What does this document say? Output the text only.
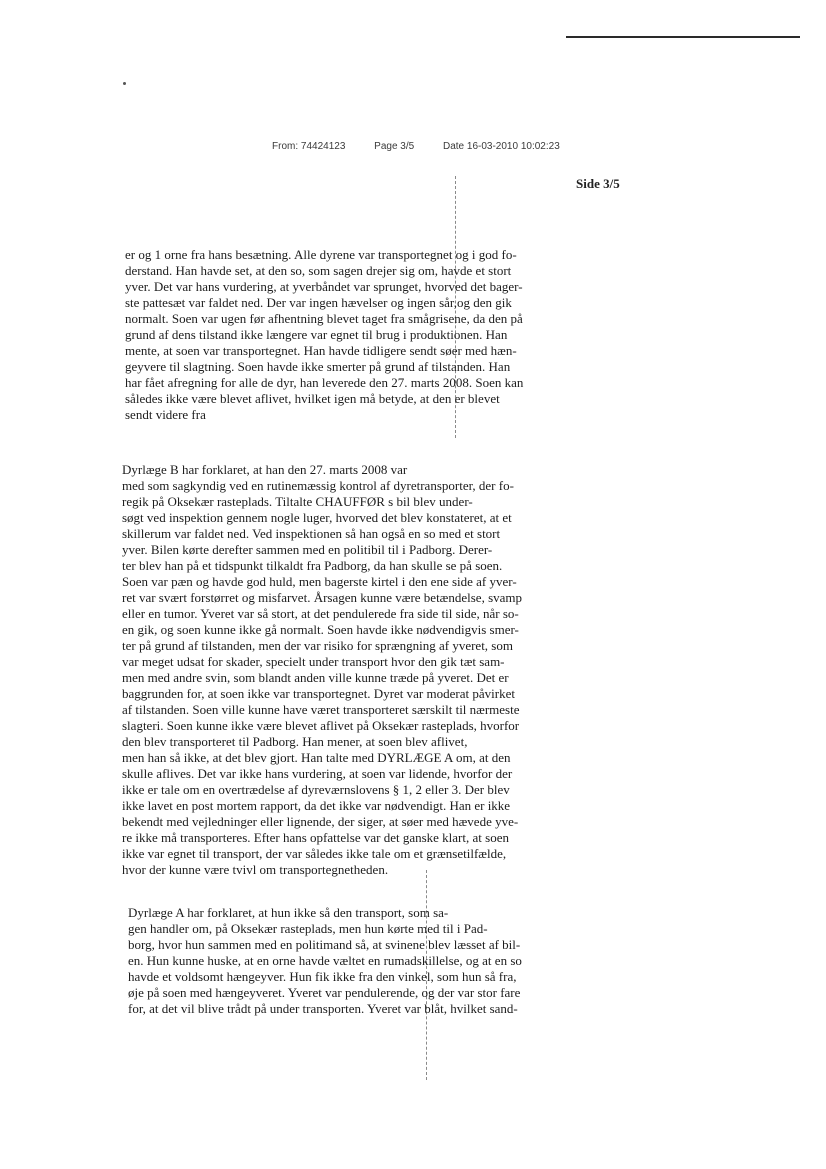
From: 74424123	Page 3/5	Date 16-03-2010 10:02:23
Side 3/5
er og 1 orne fra hans besætning. Alle dyrene var transportegnet og i god fo-
derstand. Han havde set, at den so, som sagen drejer sig om, havde et stort
yver. Det var hans vurdering, at yverbåndet var sprunget, hvorved det bager-
ste pattesæt var faldet ned. Der var ingen hævelser og ingen sår,og den gik
normalt. Soen var ugen før afhentning blevet taget fra smågrisene, da den på
grund af dens tilstand ikke længere var egnet til brug i produktionen. Han
mente, at soen var transportegnet. Han havde tidligere sendt søer med hæn-
geyvere til slagtning. Soen havde ikke smerter på grund af tilstanden. Han
har fået afregning for alle de dyr, han leverede den 27. marts 2008. Soen kan
således ikke være blevet aflivet, hvilket igen må betyde, at den er blevet
sendt videre fra
Dyrlæge B har forklaret, at han den 27. marts 2008 var
med som sagkyndig ved en rutinemæssig kontrol af dyretransporter, der fo-
regik på Oksekær rasteplads. Tiltalte CHAUFFØR s bil blev under-
søgt ved inspektion gennem nogle luger, hvorved det blev konstateret, at et
skillerum var faldet ned. Ved inspektionen så han også en so med et stort
yver. Bilen kørte derefter sammen med en politibil til i Padborg. Derer-
ter blev han på et tidspunkt tilkaldt fra Padborg, da han skulle se på soen.
Soen var pæn og havde god huld, men bagerste kirtel i den ene side af yver-
ret var svært forstørret og misfarvet. Årsagen kunne være betændelse, svamp
eller en tumor. Yveret var så stort, at det pendulerede fra side til side, når so-
en gik, og soen kunne ikke gå normalt. Soen havde ikke nødvendigvis smer-
ter på grund af tilstanden, men der var risiko for sprængning af yveret, som
var meget udsat for skader, specielt under transport hvor den gik tæt sam-
men med andre svin, som blandt anden ville kunne træde på yveret. Det er
baggrunden for, at soen ikke var transportegnet. Dyret var moderat påvirket
af tilstanden. Soen ville kunne have været transporteret særskilt til nærmeste
slagteri. Soen kunne ikke være blevet aflivet på Oksekær rasteplads, hvorfor
den blev transporteret til Padborg. Han mener, at soen blev aflivet,
men han så ikke, at det blev gjort. Han talte med DYRLÆGE A om, at den
skulle aflives. Det var ikke hans vurdering, at soen var lidende, hvorfor der
ikke er tale om en overtrædelse af dyreværnslovens § 1, 2 eller 3. Der blev
ikke lavet en post mortem rapport, da det ikke var nødvendigt. Han er ikke
bekendt med vejledninger eller lignende, der siger, at søer med hævede yve-
re ikke må transporteres. Efter hans opfattelse var det ganske klart, at soen
ikke var egnet til transport, der var således ikke tale om et grænsetilfælde,
hvor der kunne være tvivl om transportegnetheden.
Dyrlæge A har forklaret, at hun ikke så den transport, som sa-
gen handler om, på Oksekær rasteplads, men hun kørte med til i Pad-
borg, hvor hun sammen med en politimand så, at svinene blev læsset af bil-
en. Hun kunne huske, at en orne havde væltet en rumadskillelse, og at en so
havde et voldsomt hængeyver. Hun fik ikke fra den vinkel, som hun så fra,
øje på soen med hængeyveret. Yveret var pendulerende, og der var stor fare
for, at det vil blive trådt på under transporten. Yveret var blåt, hvilket sand-
